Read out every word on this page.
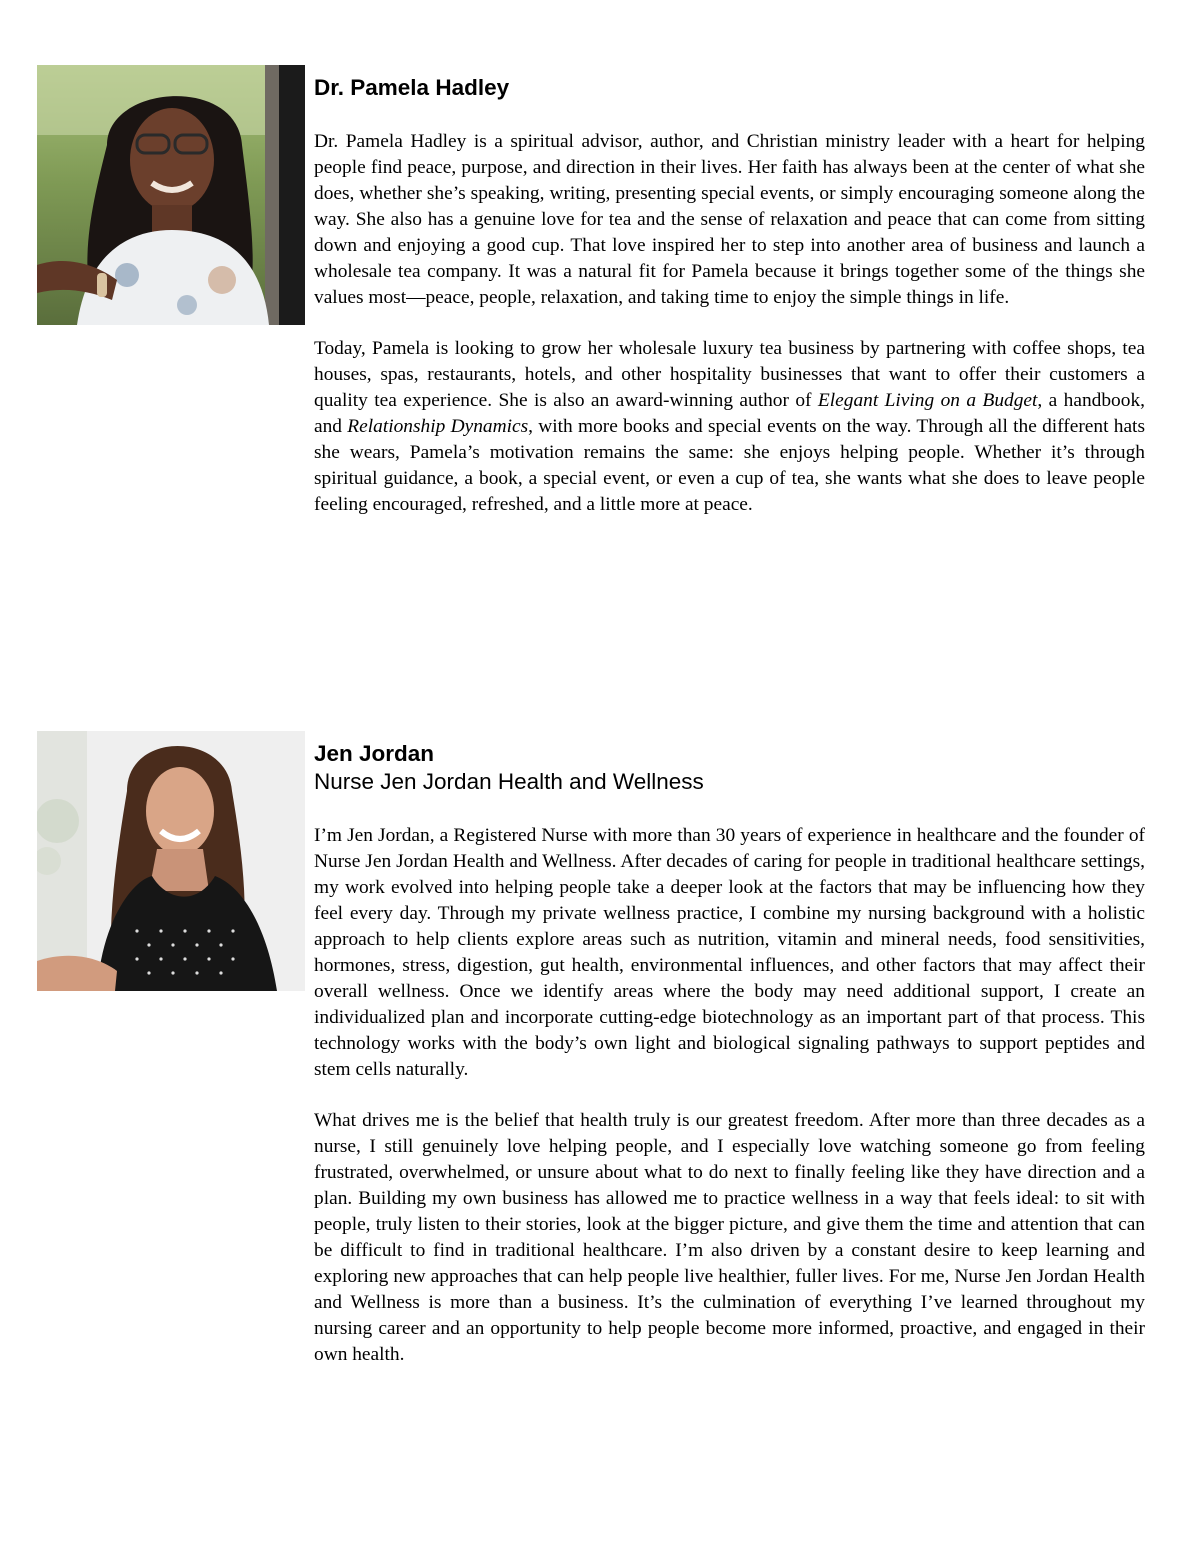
Dr. Pamela Hadley

Dr. Pamela Hadley is a spiritual advisor, author, and Christian ministry leader with a heart for helping people find peace, purpose, and direction in their lives. Her faith has always been at the center of what she does, whether she’s speaking, writing, presenting special events, or simply encouraging someone along the way. She also has a genuine love for tea and the sense of relaxation and peace that can come from sitting down and enjoying a good cup. That love inspired her to step into another area of business and launch a wholesale tea company. It was a natural fit for Pamela because it brings together some of the things she values most—peace, people, relaxation, and taking time to enjoy the simple things in life.

Today, Pamela is looking to grow her wholesale luxury tea business by partnering with coffee shops, tea houses, spas, restaurants, hotels, and other hospitality businesses that want to offer their customers a quality tea experience. She is also an award-winning author of Elegant Living on a Budget, a handbook, and Relationship Dynamics, with more books and special events on the way. Through all the different hats she wears, Pamela’s motivation remains the same: she enjoys helping people. Whether it’s through spiritual guidance, a book, a special event, or even a cup of tea, she wants what she does to leave people feeling encouraged, refreshed, and a little more at peace.

Jen Jordan

Nurse Jen Jordan Health and Wellness

I’m Jen Jordan, a Registered Nurse with more than 30 years of experience in healthcare and the founder of Nurse Jen Jordan Health and Wellness. After decades of caring for people in traditional healthcare settings, my work evolved into helping people take a deeper look at the factors that may be influencing how they feel every day. Through my private wellness practice, I combine my nursing background with a holistic approach to help clients explore areas such as nutrition, vitamin and mineral needs, food sensitivities, hormones, stress, digestion, gut health, environmental influences, and other factors that may affect their overall wellness. Once we identify areas where the body may need additional support, I create an individualized plan and incorporate cutting-edge biotechnology as an important part of that process. This technology works with the body’s own light and biological signaling pathways to support peptides and stem cells naturally.

What drives me is the belief that health truly is our greatest freedom. After more than three decades as a nurse, I still genuinely love helping people, and I especially love watching someone go from feeling frustrated, overwhelmed, or unsure about what to do next to finally feeling like they have direction and a plan. Building my own business has allowed me to practice wellness in a way that feels ideal: to sit with people, truly listen to their stories, look at the bigger picture, and give them the time and attention that can be difficult to find in traditional healthcare. I’m also driven by a constant desire to keep learning and exploring new approaches that can help people live healthier, fuller lives. For me, Nurse Jen Jordan Health and Wellness is more than a business. It’s the culmination of everything I’ve learned throughout my nursing career and an opportunity to help people become more informed, proactive, and engaged in their own health.
